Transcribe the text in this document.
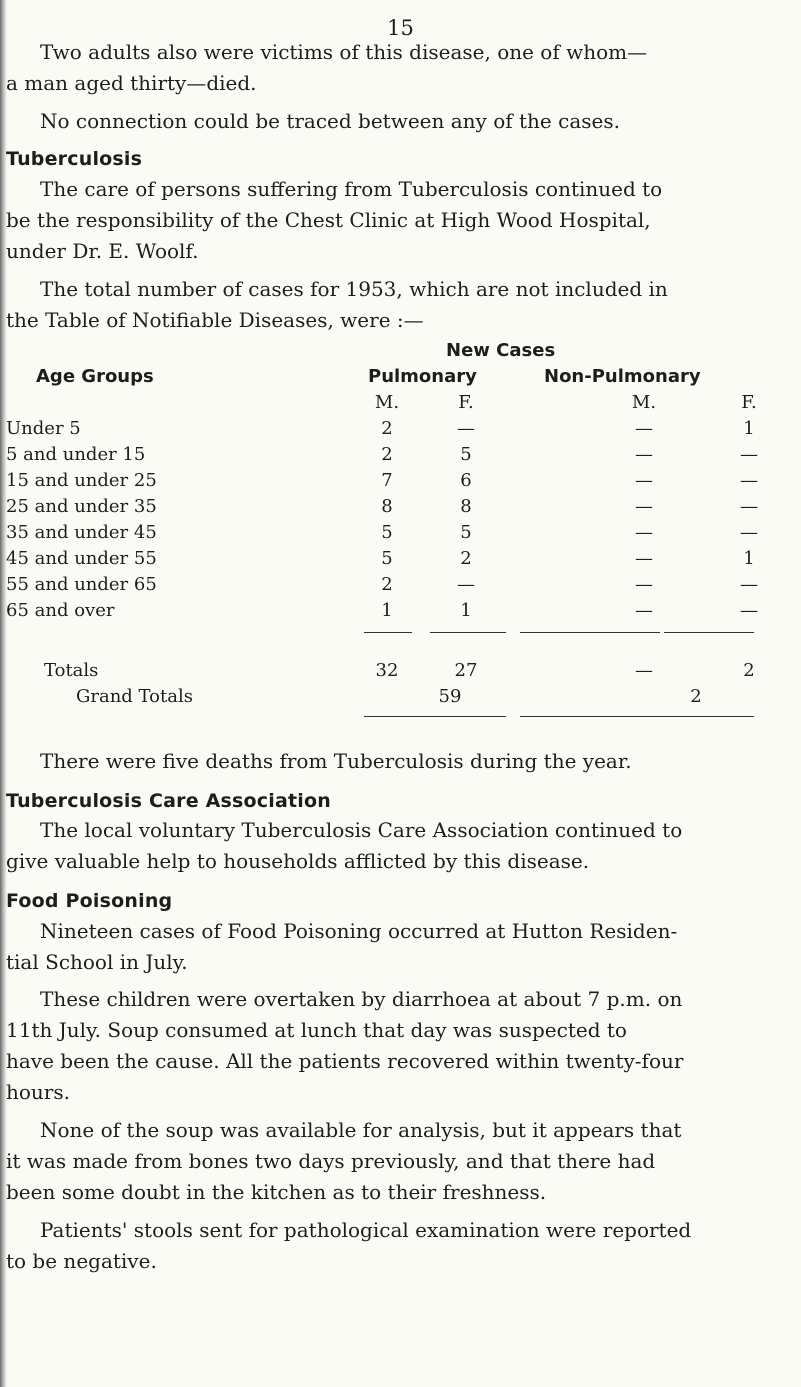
15

Two adults also were victims of this disease, one of whom—

a man aged thirty—died.

No connection could be traced between any of the cases.

Tuberculosis

The care of persons suffering from Tuberculosis continued to

be the responsibility of the Chest Clinic at High Wood Hospital,

under Dr. E. Woolf.

The total number of cases for 1953, which are not included in

the Table of Notifiable Diseases, were :—

New Cases
Age Groups	Pulmonary	Non-Pulmonary
M.	F.	M.	F.
Under 5	2	—	—	1
5 and under 15	2	5	—	—
15 and under 25	7	6	—	—
25 and under 35	8	8	—	—
35 and under 45	5	5	—	—
45 and under 55	5	2	—	1
55 and under 65	2	—	—	—
65 and over	1	1	—	—
Totals	32	27	—	2
Grand Totals	59	2

There were five deaths from Tuberculosis during the year.

Tuberculosis Care Association

The local voluntary Tuberculosis Care Association continued to

give valuable help to households afflicted by this disease.

Food Poisoning

Nineteen cases of Food Poisoning occurred at Hutton Residen-

tial School in July.

These children were overtaken by diarrhoea at about 7 p.m. on

11th July. Soup consumed at lunch that day was suspected to

have been the cause. All the patients recovered within twenty-four

hours.

None of the soup was available for analysis, but it appears that

it was made from bones two days previously, and that there had

been some doubt in the kitchen as to their freshness.

Patients' stools sent for pathological examination were reported

to be negative.
